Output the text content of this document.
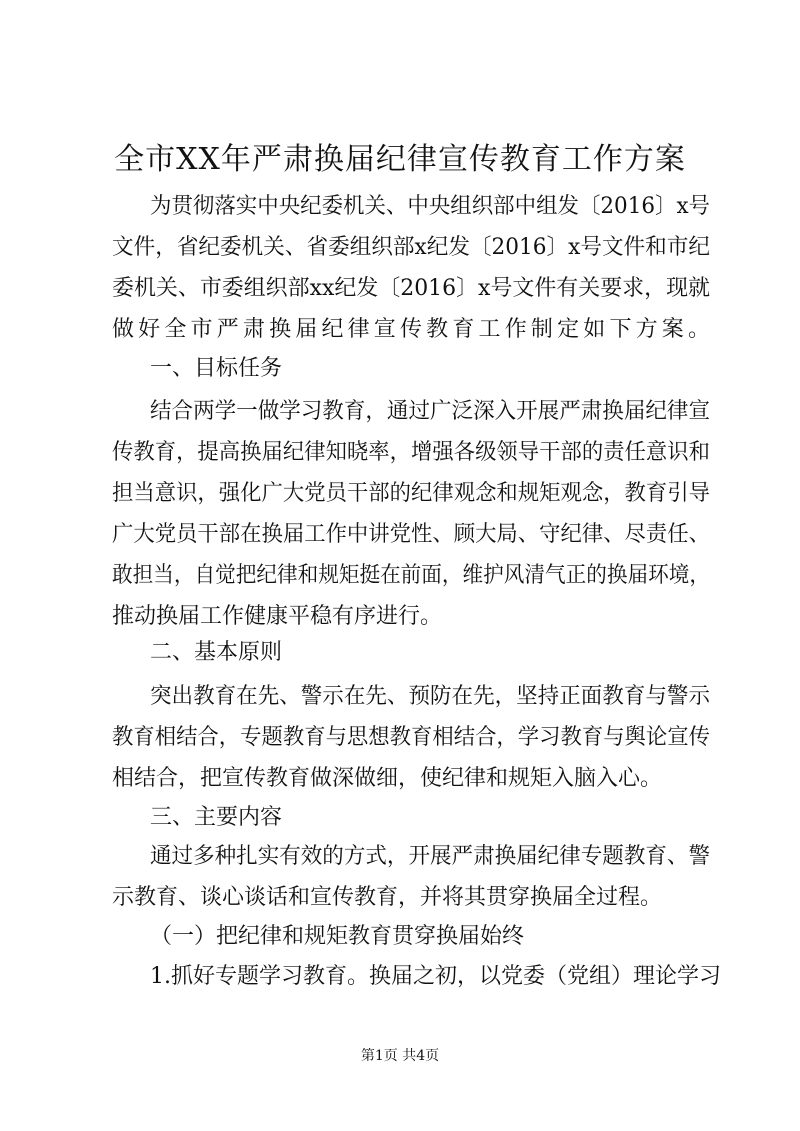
全市XX年严肃换届纪律宣传教育工作方案

为贯彻落实中央纪委机关、中央组织部中组发〔2016〕x号

文件，省纪委机关、省委组织部x纪发〔2016〕x号文件和市纪

委机关、市委组织部xx纪发〔2016〕x号文件有关要求，现就

做好全市严肃换届纪律宣传教育工作制定如下方案。

一、目标任务

结合两学一做学习教育，通过广泛深入开展严肃换届纪律宣

传教育，提高换届纪律知晓率，增强各级领导干部的责任意识和

担当意识，强化广大党员干部的纪律观念和规矩观念，教育引导

广大党员干部在换届工作中讲党性、顾大局、守纪律、尽责任、

敢担当，自觉把纪律和规矩挺在前面，维护风清气正的换届环境，

推动换届工作健康平稳有序进行。

二、基本原则

突出教育在先、警示在先、预防在先，坚持正面教育与警示

教育相结合，专题教育与思想教育相结合，学习教育与舆论宣传

相结合，把宣传教育做深做细，使纪律和规矩入脑入心。

三、主要内容

通过多种扎实有效的方式，开展严肃换届纪律专题教育、警

示教育、谈心谈话和宣传教育，并将其贯穿换届全过程。

（一）把纪律和规矩教育贯穿换届始终

1.抓好专题学习教育。换届之初，以党委（党组）理论学习

第1页 共4页
